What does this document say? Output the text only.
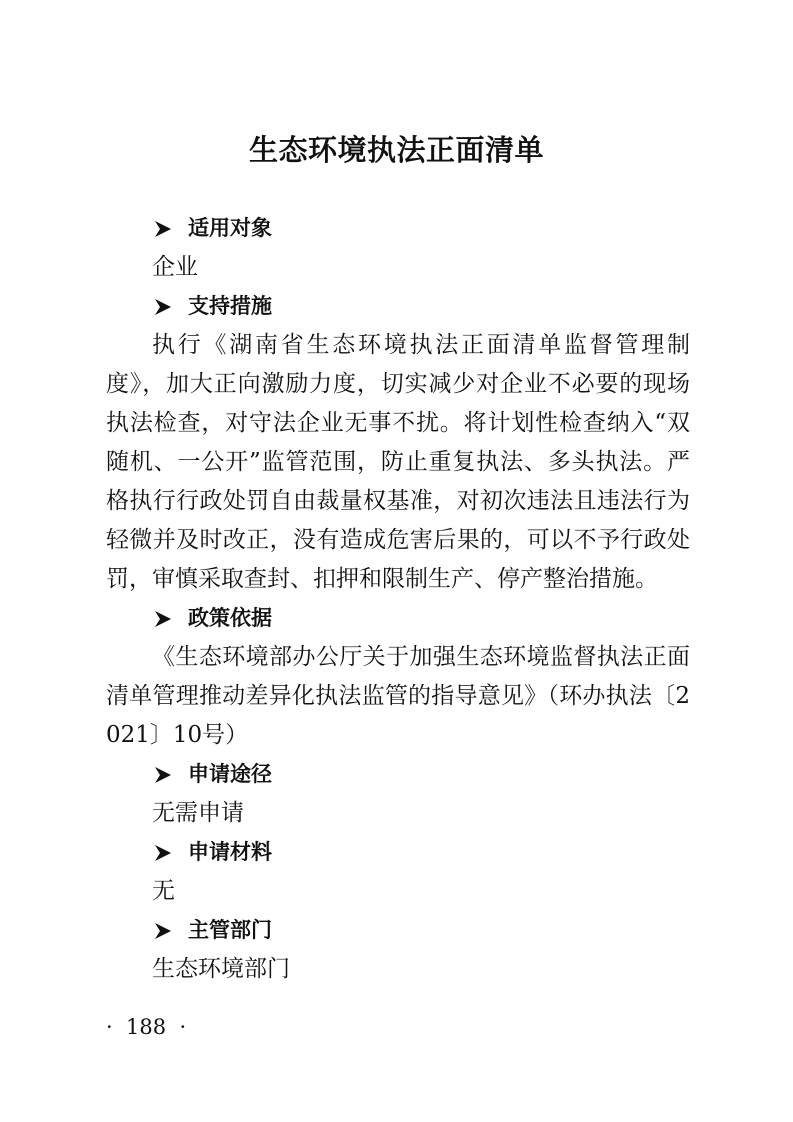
生态环境执法正面清单
适用对象

企业

支持措施

执行《湖南省生态环境执法正面清单监督管理制度》，加大正向激励力度，切实减少对企业不必要的现场执法检查，对守法企业无事不扰。将计划性检查纳入“双随机、一公开”监管范围，防止重复执法、多头执法。严格执行行政处罚自由裁量权基准，对初次违法且违法行为轻微并及时改正，没有造成危害后果的，可以不予行政处罚，审慎采取查封、扣押和限制生产、停产整治措施。

政策依据

《生态环境部办公厅关于加强生态环境监督执法正面清单管理推动差异化执法监管的指导意见》（环办执法〔2021〕10号）

申请途径

无需申请

申请材料

无

主管部门

生态环境部门

·  188  ·
